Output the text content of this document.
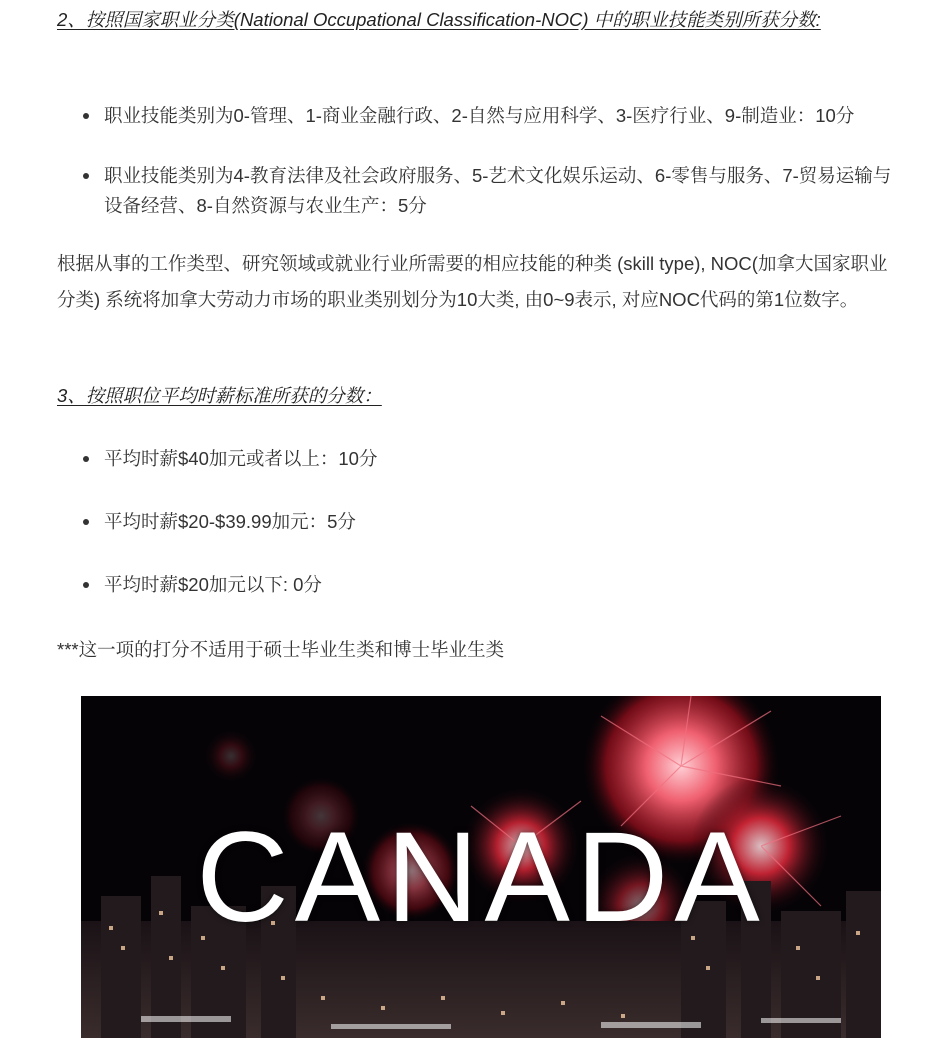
2、按照国家职业分类(National Occupational Classification-NOC) 中的职业技能类别所获分数:

职业技能类别为0-管理、1-商业金融行政、2-自然与应用科学、3-医疗行业、9-制造业：10分
职业技能类别为4-教育法律及社会政府服务、5-艺术文化娱乐运动、6-零售与服务、7-贸易运输与设备经营、8-自然资源与农业生产：5分

根据从事的工作类型、研究领域或就业行业所需要的相应技能的种类 (skill type), NOC(加拿大国家职业分类) 系统将加拿大劳动力市场的职业类别划分为10大类, 由0~9表示, 对应NOC代码的第1位数字。

3、按照职位平均时薪标准所获的分数：

平均时薪$40加元或者以上：10分
平均时薪$20-$39.99加元：5分
平均时薪$20加元以下: 0分

***这一项的打分不适用于硕士毕业生类和博士毕业生类

CANADA
